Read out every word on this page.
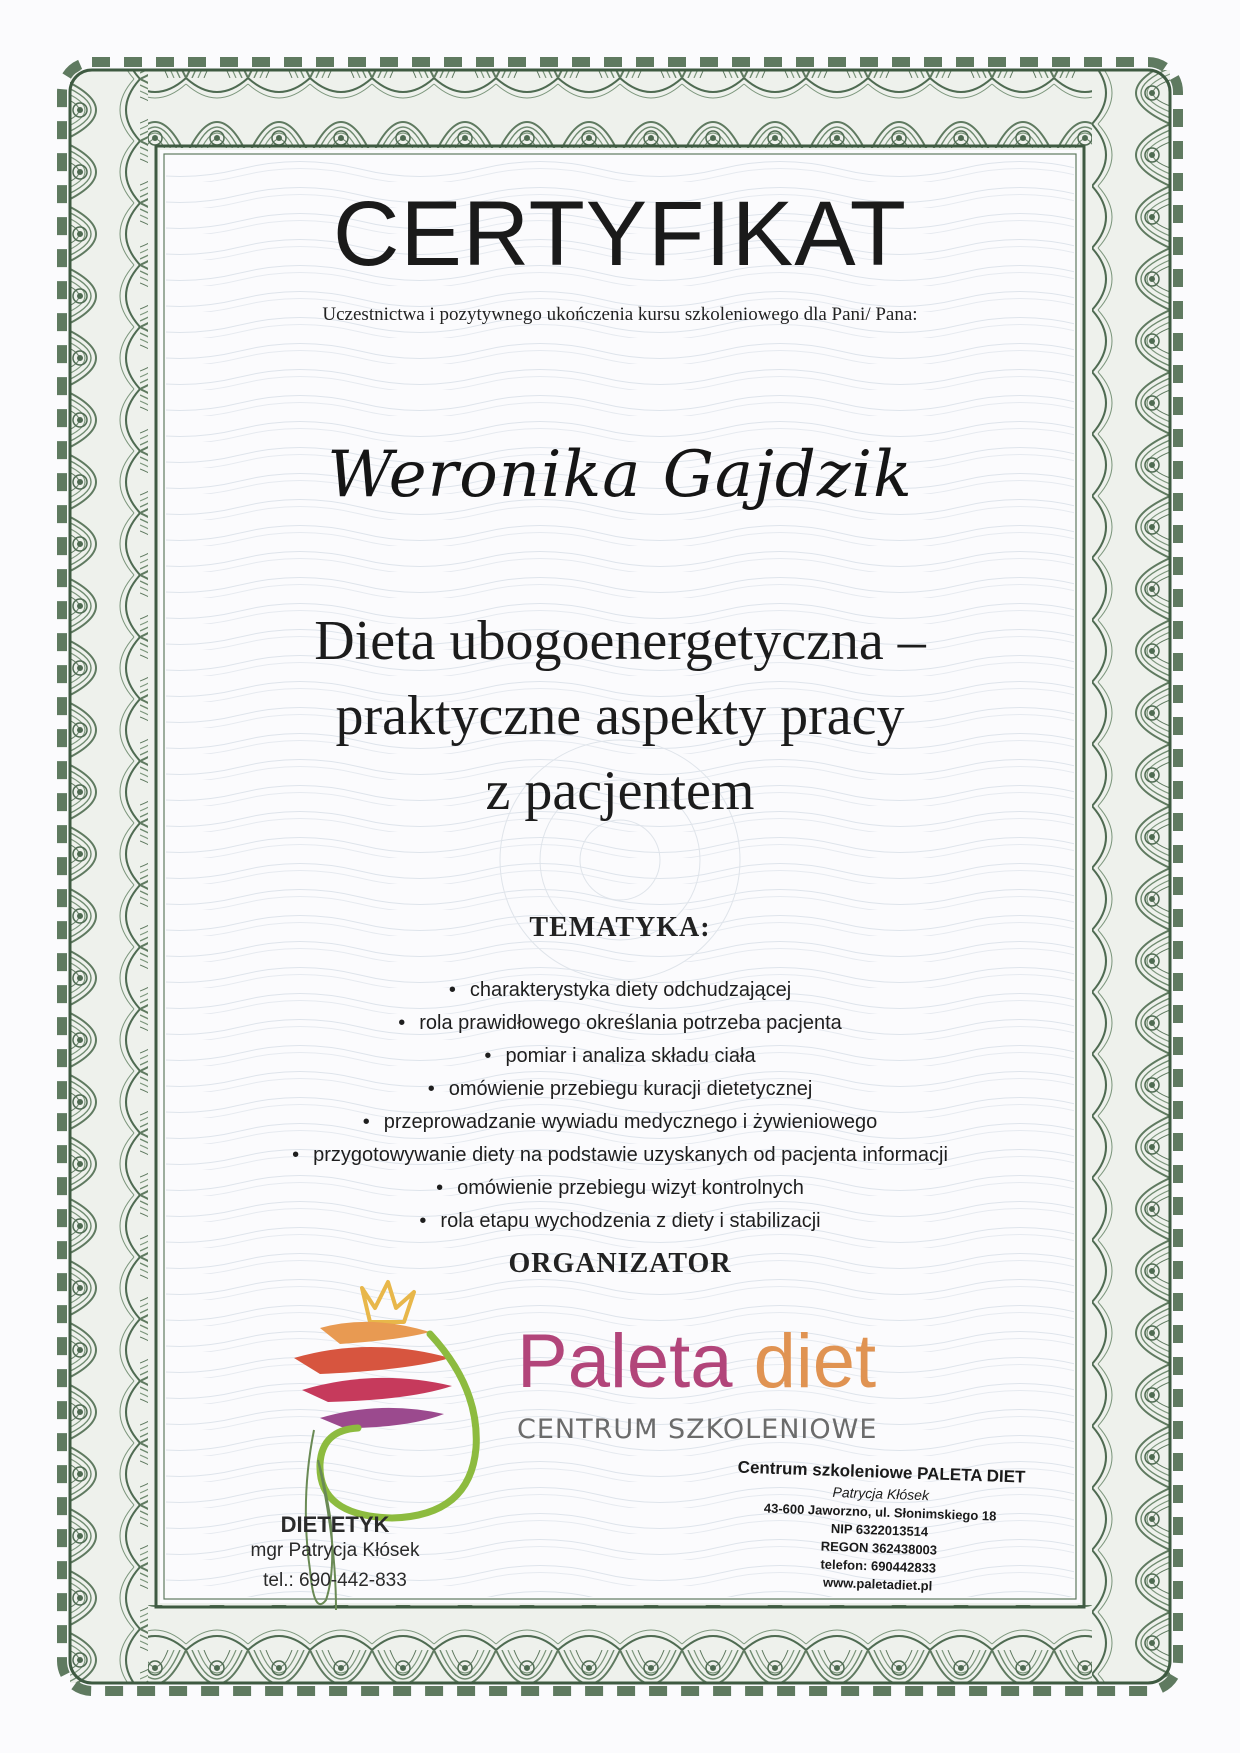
CERTYFIKAT
Uczestnictwa i pozytywnego ukończenia kursu szkoleniowego dla Pani/ Pana:
Weronika Gajdzik
Dieta ubogoenergetyczna –
praktyczne aspekty pracy
z pacjentem
TEMATYKA:
• charakterystyka diety odchudzającej
• rola prawidłowego określania potrzeba pacjenta
• pomiar i analiza składu ciała
• omówienie przebiegu kuracji dietetycznej
• przeprowadzanie wywiadu medycznego i żywieniowego
• przygotowywanie diety na podstawie uzyskanych od pacjenta informacji
• omówienie przebiegu wizyt kontrolnych
• rola etapu wychodzenia z diety i stabilizacji
ORGANIZATOR
Paleta diet
CENTRUM SZKOLENIOWE
DIETETYK
mgr Patrycja Kłósek
tel.: 690-442-833
Centrum szkoleniowe PALETA DIET
Patrycja Kłósek
43-600 Jaworzno, ul. Słonimskiego 18
NIP 6322013514
REGON 362438003
telefon: 690442833
www.paletadiet.pl
